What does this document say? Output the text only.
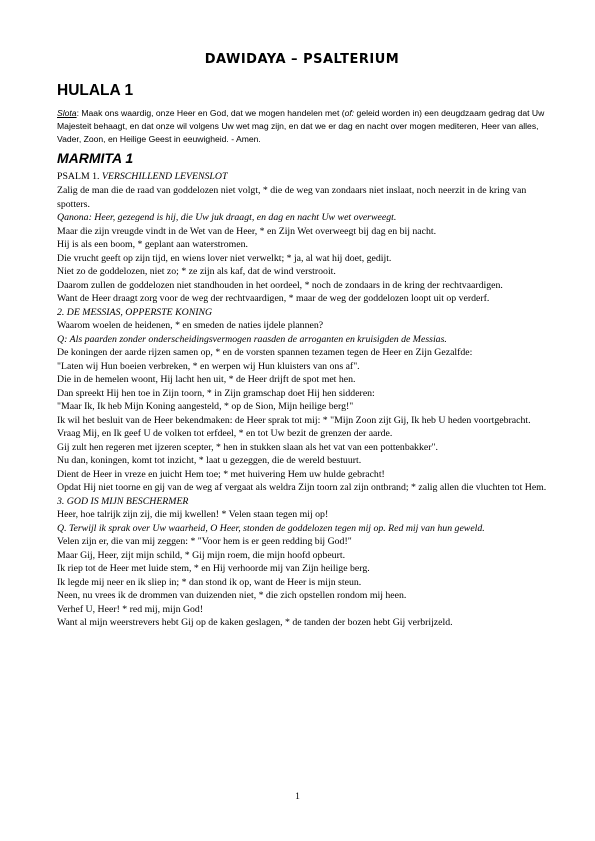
DAWIDAYA – PSALTERIUM
HULALA 1

Slota: Maak ons waardig, onze Heer en God, dat we mogen handelen met (of: geleid worden in) een deugdzaam gedrag dat Uw Majesteit behaagt, en dat onze wil volgens Uw wet mag zijn, en dat we er dag en nacht over mogen mediteren, Heer van alles, Vader, Zoon, en Heilige Geest in eeuwigheid. - Amen.

MARMITA 1

PSALM 1. VERSCHILLEND LEVENSLOT

Zalig de man die de raad van goddelozen niet volgt, * die de weg van zondaars niet inslaat, noch neerzit in de kring van spotters.

Qanona: Heer, gezegend is hij, die Uw juk draagt, en dag en nacht Uw wet overweegt.

Maar die zijn vreugde vindt in de Wet van de Heer, * en Zijn Wet overweegt bij dag en bij nacht.

Hij is als een boom, * geplant aan waterstromen.

Die vrucht geeft op zijn tijd, en wiens lover niet verwelkt; * ja, al wat hij doet, gedijt.

Niet zo de goddelozen, niet zo; * ze zijn als kaf, dat de wind verstrooit.

Daarom zullen de goddelozen niet standhouden in het oordeel, * noch de zondaars in de kring der rechtvaardigen.

Want de Heer draagt zorg voor de weg der rechtvaardigen, * maar de weg der goddelozen loopt uit op verderf.

2. DE MESSIAS, OPPERSTE KONING

Waarom woelen de heidenen, * en smeden de naties ijdele plannen?

Q: Als paarden zonder onderscheidingsvermogen raasden de arroganten en kruisigden de Messias.

De koningen der aarde rijzen samen op, * en de vorsten spannen tezamen tegen de Heer en Zijn Gezalfde:

"Laten wij Hun boeien verbreken, * en werpen wij Hun kluisters van ons af".

Die in de hemelen woont, Hij lacht hen uit, * de Heer drijft de spot met hen.

Dan spreekt Hij hen toe in Zijn toorn, * in Zijn gramschap doet Hij hen sidderen:

"Maar Ik, Ik heb Mijn Koning aangesteld, * op de Sion, Mijn heilige berg!"

Ik wil het besluit van de Heer bekendmaken: de Heer sprak tot mij: * "Mijn Zoon zijt Gij, Ik heb U heden voortgebracht.

Vraag Mij, en Ik geef U de volken tot erfdeel, * en tot Uw bezit de grenzen der aarde.

Gij zult hen regeren met ijzeren scepter, * hen in stukken slaan als het vat van een pottenbakker".

Nu dan, koningen, komt tot inzicht, * laat u gezeggen, die de wereld bestuurt.

Dient de Heer in vreze en juicht Hem toe; * met huivering Hem uw hulde gebracht!

Opdat Hij niet toorne en gij van de weg af vergaat als weldra Zijn toorn zal zijn ontbrand; * zalig allen die vluchten tot Hem.

3. GOD IS MIJN BESCHERMER

Heer, hoe talrijk zijn zij, die mij kwellen! * Velen staan tegen mij op!

Q. Terwijl ik sprak over Uw waarheid, O Heer, stonden de goddelozen tegen mij op. Red mij van hun geweld.

Velen zijn er, die van mij zeggen: * "Voor hem is er geen redding bij God!"

Maar Gij, Heer, zijt mijn schild, * Gij mijn roem, die mijn hoofd opbeurt.

Ik riep tot de Heer met luide stem, * en Hij verhoorde mij van Zijn heilige berg.

Ik legde mij neer en ik sliep in; * dan stond ik op, want de Heer is mijn steun.

Neen, nu vrees ik de drommen van duizenden niet, * die zich opstellen rondom mij heen.

Verhef U, Heer! * red mij, mijn God!

Want al mijn weerstrevers hebt Gij op de kaken geslagen, * de tanden der bozen hebt Gij verbrijzeld.

1
